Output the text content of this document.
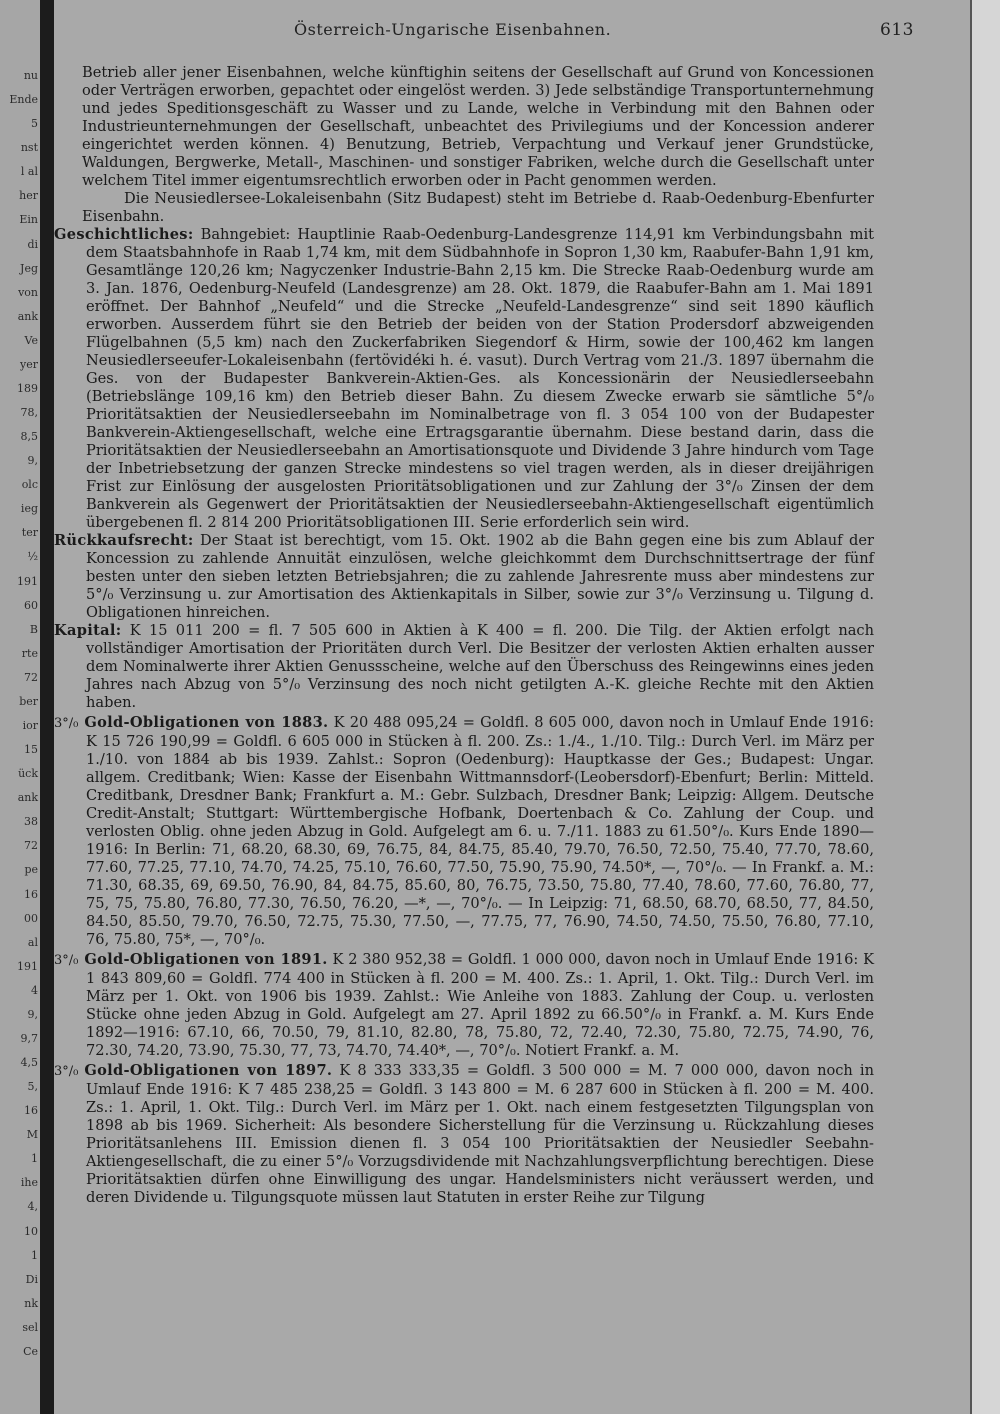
nu
Ende
5
nst
l al
her
Ein
di
Jeg
von
ank
Ve
yer
189
78,
8,5
9,
olc
ieg
ter
½
191
60
B
rte
72
ber
ior
15
ück
ank
38
72
pe
16
00
al
191
4
9,
9,7
4,5
5,
16
M
1
ihe
4,
10
1
Di
nk
sel
Ce
Österreich-Ungarische Eisenbahnen.	613

Betrieb aller jener Eisenbahnen, welche künftighin seitens der Gesellschaft auf Grund von Koncessionen oder Verträgen erworben, gepachtet oder eingelöst werden. 3) Jede selbständige Transportunternehmung und jedes Speditionsgeschäft zu Wasser und zu Lande, welche in Verbindung mit den Bahnen oder Industrieunternehmungen der Gesellschaft, unbeachtet des Privilegiums und der Koncession anderer eingerichtet werden können. 4) Benutzung, Betrieb, Verpachtung und Verkauf jener Grundstücke, Waldungen, Bergwerke, Metall-, Maschinen- und sonstiger Fabriken, welche durch die Gesellschaft unter welchem Titel immer eigentumsrechtlich erworben oder in Pacht genommen werden.

Die Neusiedlersee-Lokaleisenbahn (Sitz Budapest) steht im Betriebe d. Raab-Oedenburg-Ebenfurter Eisenbahn.

Geschichtliches: Bahngebiet: Hauptlinie Raab-Oedenburg-Landesgrenze 114,91 km Verbindungsbahn mit dem Staatsbahnhofe in Raab 1,74 km, mit dem Südbahnhofe in Sopron 1,30 km, Raabufer-Bahn 1,91 km, Gesamtlänge 120,26 km; Nagyczenker Industrie-Bahn 2,15 km. Die Strecke Raab-Oedenburg wurde am 3. Jan. 1876, Oedenburg-Neufeld (Landesgrenze) am 28. Okt. 1879, die Raabufer-Bahn am 1. Mai 1891 eröffnet. Der Bahnhof „Neufeld“ und die Strecke „Neufeld-Landesgrenze“ sind seit 1890 käuflich erworben. Ausserdem führt sie den Betrieb der beiden von der Station Prodersdorf abzweigenden Flügelbahnen (5,5 km) nach den Zuckerfabriken Siegendorf & Hirm, sowie der 100,462 km langen Neusiedlerseeufer-Lokaleisenbahn (fertövidéki h. é. vasut). Durch Vertrag vom 21./3. 1897 übernahm die Ges. von der Budapester Bankverein-Aktien-Ges. als Koncessionärin der Neusiedlerseebahn (Betriebslänge 109,16 km) den Betrieb dieser Bahn. Zu diesem Zwecke erwarb sie sämtliche 5°/₀ Prioritätsaktien der Neusiedlerseebahn im Nominalbetrage von fl. 3 054 100 von der Budapester Bankverein-Aktiengesellschaft, welche eine Ertragsgarantie übernahm. Diese bestand darin, dass die Prioritätsaktien der Neusiedlerseebahn an Amortisationsquote und Dividende 3 Jahre hindurch vom Tage der Inbetriebsetzung der ganzen Strecke mindestens so viel tragen werden, als in dieser dreijährigen Frist zur Einlösung der ausgelosten Prioritätsobligationen und zur Zahlung der 3°/₀ Zinsen der dem Bankverein als Gegenwert der Prioritätsaktien der Neusiedlerseebahn-Aktiengesellschaft eigentümlich übergebenen fl. 2 814 200 Prioritätsobligationen III. Serie erforderlich sein wird.

Rückkaufsrecht: Der Staat ist berechtigt, vom 15. Okt. 1902 ab die Bahn gegen eine bis zum Ablauf der Koncession zu zahlende Annuität einzulösen, welche gleichkommt dem Durchschnittsertrage der fünf besten unter den sieben letzten Betriebsjahren; die zu zahlende Jahresrente muss aber mindestens zur 5°/₀ Verzinsung u. zur Amortisation des Aktienkapitals in Silber, sowie zur 3°/₀ Verzinsung u. Tilgung d. Obligationen hinreichen.

Kapital: K 15 011 200 = fl. 7 505 600 in Aktien à K 400 = fl. 200. Die Tilg. der Aktien erfolgt nach vollständiger Amortisation der Prioritäten durch Verl. Die Besitzer der verlosten Aktien erhalten ausser dem Nominalwerte ihrer Aktien Genussscheine, welche auf den Überschuss des Reingewinns eines jeden Jahres nach Abzug von 5°/₀ Verzinsung des noch nicht getilgten A.-K. gleiche Rechte mit den Aktien haben.

3°/₀ Gold-Obligationen von 1883. K 20 488 095,24 = Goldfl. 8 605 000, davon noch in Umlauf Ende 1916: K 15 726 190,99 = Goldfl. 6 605 000 in Stücken à fl. 200. Zs.: 1./4., 1./10. Tilg.: Durch Verl. im März per 1./10. von 1884 ab bis 1939. Zahlst.: Sopron (Oedenburg): Hauptkasse der Ges.; Budapest: Ungar. allgem. Creditbank; Wien: Kasse der Eisenbahn Wittmannsdorf-(Leobersdorf)-Ebenfurt; Berlin: Mitteld. Creditbank, Dresdner Bank; Frankfurt a. M.: Gebr. Sulzbach, Dresdner Bank; Leipzig: Allgem. Deutsche Credit-Anstalt; Stuttgart: Württembergische Hofbank, Doertenbach & Co. Zahlung der Coup. und verlosten Oblig. ohne jeden Abzug in Gold. Aufgelegt am 6. u. 7./11. 1883 zu 61.50°/₀. Kurs Ende 1890—1916: In Berlin: 71, 68.20, 68.30, 69, 76.75, 84, 84.75, 85.40, 79.70, 76.50, 72.50, 75.40, 77.70, 78.60, 77.60, 77.25, 77.10, 74.70, 74.25, 75.10, 76.60, 77.50, 75.90, 75.90, 74.50*, —, 70°/₀. — In Frankf. a. M.: 71.30, 68.35, 69, 69.50, 76.90, 84, 84.75, 85.60, 80, 76.75, 73.50, 75.80, 77.40, 78.60, 77.60, 76.80, 77, 75, 75, 75.80, 76.80, 77.30, 76.50, 76.20, —*, —, 70°/₀. — In Leipzig: 71, 68.50, 68.70, 68.50, 77, 84.50, 84.50, 85.50, 79.70, 76.50, 72.75, 75.30, 77.50, —, 77.75, 77, 76.90, 74.50, 74.50, 75.50, 76.80, 77.10, 76, 75.80, 75*, —, 70°/₀.

3°/₀ Gold-Obligationen von 1891. K 2 380 952,38 = Goldfl. 1 000 000, davon noch in Umlauf Ende 1916: K 1 843 809,60 = Goldfl. 774 400 in Stücken à fl. 200 = M. 400. Zs.: 1. April, 1. Okt. Tilg.: Durch Verl. im März per 1. Okt. von 1906 bis 1939. Zahlst.: Wie Anleihe von 1883. Zahlung der Coup. u. verlosten Stücke ohne jeden Abzug in Gold. Aufgelegt am 27. April 1892 zu 66.50°/₀ in Frankf. a. M. Kurs Ende 1892—1916: 67.10, 66, 70.50, 79, 81.10, 82.80, 78, 75.80, 72, 72.40, 72.30, 75.80, 72.75, 74.90, 76, 72.30, 74.20, 73.90, 75.30, 77, 73, 74.70, 74.40*, —, 70°/₀. Notiert Frankf. a. M.

3°/₀ Gold-Obligationen von 1897. K 8 333 333,35 = Goldfl. 3 500 000 = M. 7 000 000, davon noch in Umlauf Ende 1916: K 7 485 238,25 = Goldfl. 3 143 800 = M. 6 287 600 in Stücken à fl. 200 = M. 400. Zs.: 1. April, 1. Okt. Tilg.: Durch Verl. im März per 1. Okt. nach einem festgesetzten Tilgungsplan von 1898 ab bis 1969. Sicherheit: Als besondere Sicherstellung für die Verzinsung u. Rückzahlung dieses Prioritätsanlehens III. Emission dienen fl. 3 054 100 Prioritätsaktien der Neusiedler Seebahn-Aktiengesellschaft, die zu einer 5°/₀ Vorzugsdividende mit Nachzahlungsverpflichtung berechtigen. Diese Prioritätsaktien dürfen ohne Einwilligung des ungar. Handelsministers nicht veräussert werden, und deren Dividende u. Tilgungsquote müssen laut Statuten in erster Reihe zur Tilgung
